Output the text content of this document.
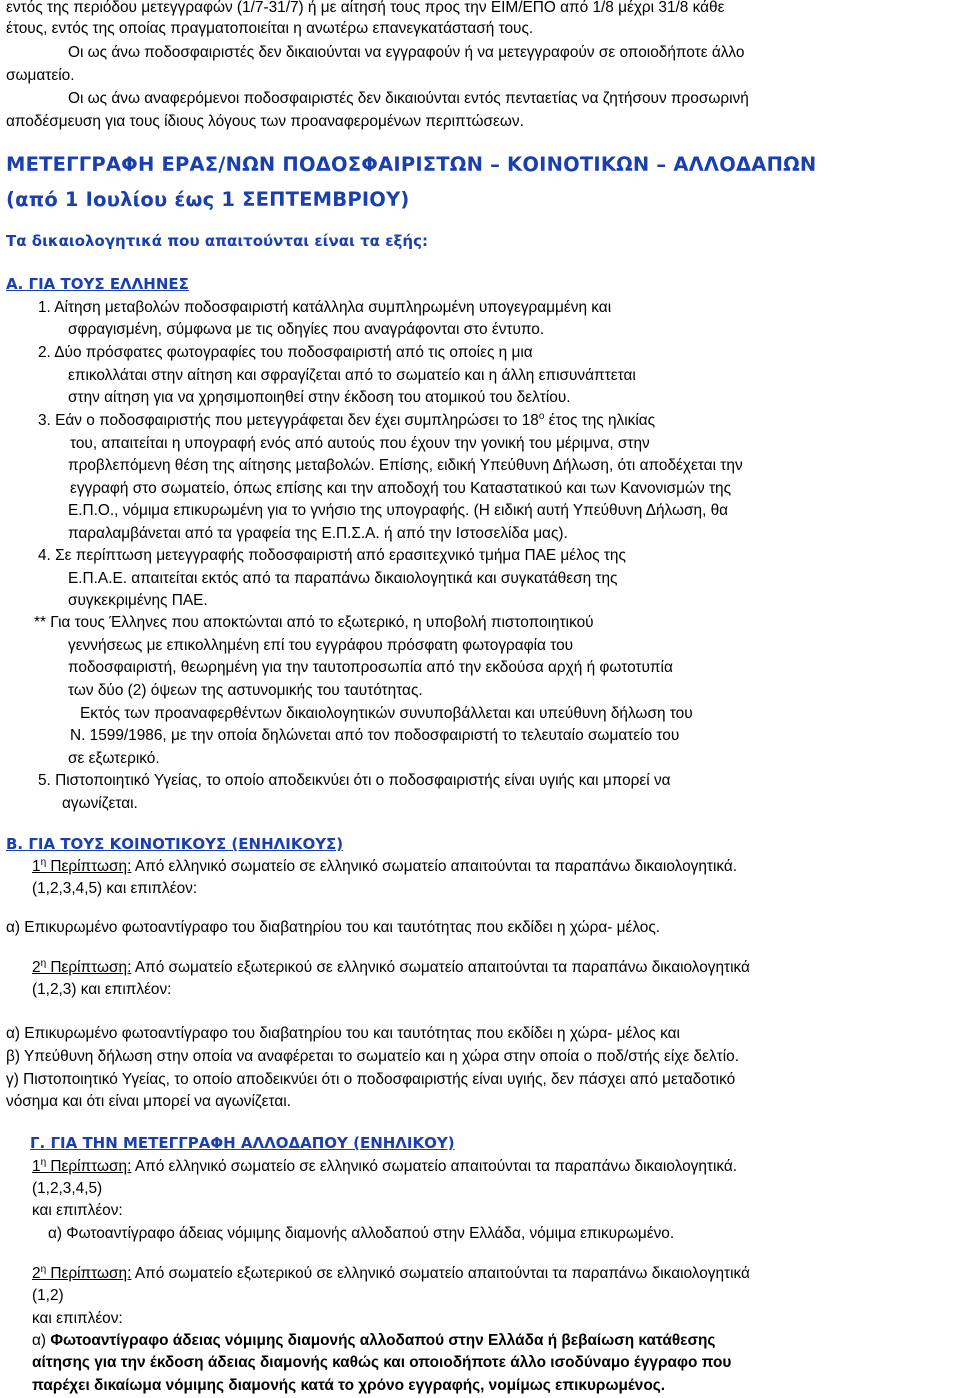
εντός της περιόδου μετεγγραφών (1/7-31/7) ή με αίτησή τους προς την ΕΙΜ/ΕΠΟ από 1/8 μέχρι 31/8 κάθε
έτους, εντός της οποίας πραγματοποιείται η ανωτέρω επανεγκατάστασή τους.
Οι ως άνω ποδοσφαιριστές δεν δικαιούνται να εγγραφούν ή να μετεγγραφούν σε οποιοδήποτε άλλο
σωματείο.
Οι ως άνω αναφερόμενοι ποδοσφαιριστές δεν δικαιούνται εντός πενταετίας να ζητήσουν προσωρινή
αποδέσμευση για τους ίδιους λόγους των προαναφερομένων περιπτώσεων.
ΜΕΤΕΓΓΡΑΦΗ ΕΡΑΣ/ΝΩΝ ΠΟΔΟΣΦΑΙΡΙΣΤΩΝ – ΚΟΙΝΟΤΙΚΩΝ – ΑΛΛΟΔΑΠΩΝ
(από 1 Ιουλίου έως 1 ΣΕΠΤΕΜΒΡΙΟΥ)
Τα δικαιολογητικά που απαιτούνται είναι τα εξής:
Α. ΓΙΑ ΤΟΥΣ ΕΛΛΗΝΕΣ
1. Αίτηση μεταβολών ποδοσφαιριστή κατάλληλα συμπληρωμένη υπογεγραμμένη και
σφραγισμένη, σύμφωνα με τις οδηγίες που αναγράφονται στο έντυπο.
2. Δύο πρόσφατες φωτογραφίες του ποδοσφαιριστή από τις οποίες η μια
επικολλάται στην αίτηση και σφραγίζεται από το σωματείο και η άλλη επισυνάπτεται
στην αίτηση για να χρησιμοποιηθεί στην έκδοση του ατομικού του δελτίου.
3. Εάν ο ποδοσφαιριστής που μετεγγράφεται δεν έχει συμπληρώσει το $18^o$ έτος της ηλικίας
του, απαιτείται η υπογραφή ενός από αυτούς που έχουν την γονική του μέριμνα, στην
προβλεπόμενη θέση της αίτησης μεταβολών. Επίσης, ειδική Υπεύθυνη Δήλωση, ότι αποδέχεται την
εγγραφή στο σωματείο, όπως επίσης και την αποδοχή του Καταστατικού και των Κανονισμών της
Ε.Π.Ο., νόμιμα επικυρωμένη για το γνήσιο της υπογραφής. (Η ειδική αυτή Υπεύθυνη Δήλωση, θα
παραλαμβάνεται από τα γραφεία της Ε.Π.Σ.Α. ή από την Ιστοσελίδα μας).
4. Σε περίπτωση μετεγγραφής ποδοσφαιριστή από ερασιτεχνικό τμήμα ΠΑΕ μέλος της
Ε.Π.Α.Ε. απαιτείται εκτός από τα παραπάνω δικαιολογητικά και συγκατάθεση της
συγκεκριμένης ΠΑΕ.
** Για τους Έλληνες που αποκτώνται από το εξωτερικό, η υποβολή πιστοποιητικού
γεννήσεως με επικολλημένη επί του εγγράφου πρόσφατη φωτογραφία του
ποδοσφαιριστή, θεωρημένη για την ταυτοπροσωπία από την εκδούσα αρχή ή φωτοτυπία
των δύο (2) όψεων της αστυνομικής του ταυτότητας.
Εκτός των προαναφερθέντων δικαιολογητικών συνυποβάλλεται και υπεύθυνη δήλωση του
Ν. 1599/1986, με την οποία δηλώνεται από τον ποδοσφαιριστή το τελευταίο σωματείο του
σε εξωτερικό.
5. Πιστοποιητικό Υγείας, το οποίο αποδεικνύει ότι ο ποδοσφαιριστής είναι υγιής και μπορεί να
αγωνίζεται.
Β. ΓΙΑ ΤΟΥΣ ΚΟΙΝΟΤΙΚΟΥΣ (ΕΝΗΛΙΚΟΥΣ)
$1^\eta$ Περίπτωση: Από ελληνικό σωματείο σε ελληνικό σωματείο απαιτούνται τα παραπάνω δικαιολογητικά.
(1,2,3,4,5) και επιπλέον:
α) Επικυρωμένο φωτοαντίγραφο του διαβατηρίου του και ταυτότητας που εκδίδει η χώρα- μέλος.
$2^\eta$ Περίπτωση: Από σωματείο εξωτερικού σε ελληνικό σωματείο απαιτούνται τα παραπάνω δικαιολογητικά
(1,2,3) και επιπλέον:
α) Επικυρωμένο φωτοαντίγραφο του διαβατηρίου του και ταυτότητας που εκδίδει η χώρα- μέλος και
β) Υπεύθυνη δήλωση στην οποία να αναφέρεται το σωματείο και η χώρα στην οποία ο ποδ/στής είχε δελτίο.
γ) Πιστοποιητικό Υγείας, το οποίο αποδεικνύει ότι ο ποδοσφαιριστής είναι υγιής, δεν πάσχει από μεταδοτικό
νόσημα και ότι είναι μπορεί να αγωνίζεται.
Γ. ΓΙΑ ΤΗΝ ΜΕΤΕΓΓΡΑΦΗ ΑΛΛΟΔΑΠΟΥ (ΕΝΗΛΙΚΟΥ)
$1^\eta$ Περίπτωση: Από ελληνικό σωματείο σε ελληνικό σωματείο απαιτούνται τα παραπάνω δικαιολογητικά.
(1,2,3,4,5)
και επιπλέον:
α) Φωτοαντίγραφο άδειας νόμιμης διαμονής αλλοδαπού στην Ελλάδα, νόμιμα επικυρωμένο.
$2^\eta$ Περίπτωση: Από σωματείο εξωτερικού σε ελληνικό σωματείο απαιτούνται τα παραπάνω δικαιολογητικά
(1,2)
και επιπλέον:
α) Φωτοαντίγραφο άδειας νόμιμης διαμονής αλλοδαπού στην Ελλάδα ή βεβαίωση κατάθεσης
αίτησης για την έκδοση άδειας διαμονής καθώς και οποιοδήποτε άλλο ισοδύναμο έγγραφο που
παρέχει δικαίωμα νόμιμης διαμονής κατά το χρόνο εγγραφής, νομίμως επικυρωμένος.
